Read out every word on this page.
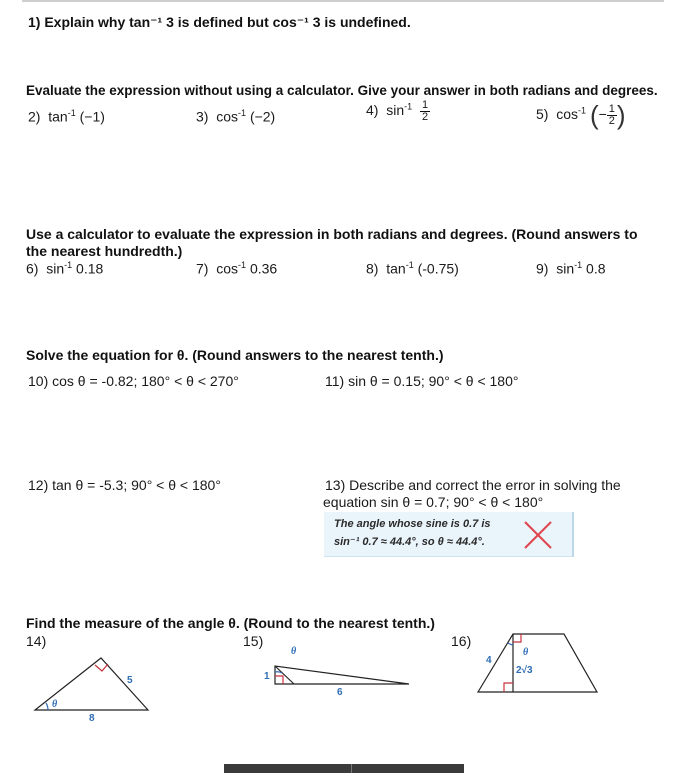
1) Explain why tan⁻¹ 3 is defined but cos⁻¹ 3 is undefined.
Evaluate the expression without using a calculator. Give your answer in both radians and degrees.
2) $\tan^{-1} (-1)$	3) $\cos^{-1} (-2)$	4) $\sin^{-1} \frac{1}{2}$	5) $\cos^{-1}$ (− $\frac{1}{2}$ )
Use a calculator to evaluate the expression in both radians and degrees. (Round answers to
the nearest hundredth.)
6) $\sin^{-1} 0.18$	7) $\cos^{-1} 0.36$	8) $\tan^{-1} (-0.75)$	9) $\sin^{-1} 0.8$
Solve the equation for θ. (Round answers to the nearest tenth.)
10) cos θ = -0.82; 180° < θ < 270°	11) sin θ = 0.15; 90° < θ < 180°
12) tan θ = -5.3; 90° < θ < 180°	13) Describe and correct the error in solving the
equation sin θ = 0.7; 90° < θ < 180°
The angle whose sine is 0.7 is
sin⁻¹ 0.7 ≈ 44.4°, so θ ≈ 44.4°.
Find the measure of the angle θ. (Round to the nearest tenth.)
14)	15)	16)
θ
5
8
θ
1
6
θ
4
2√3
